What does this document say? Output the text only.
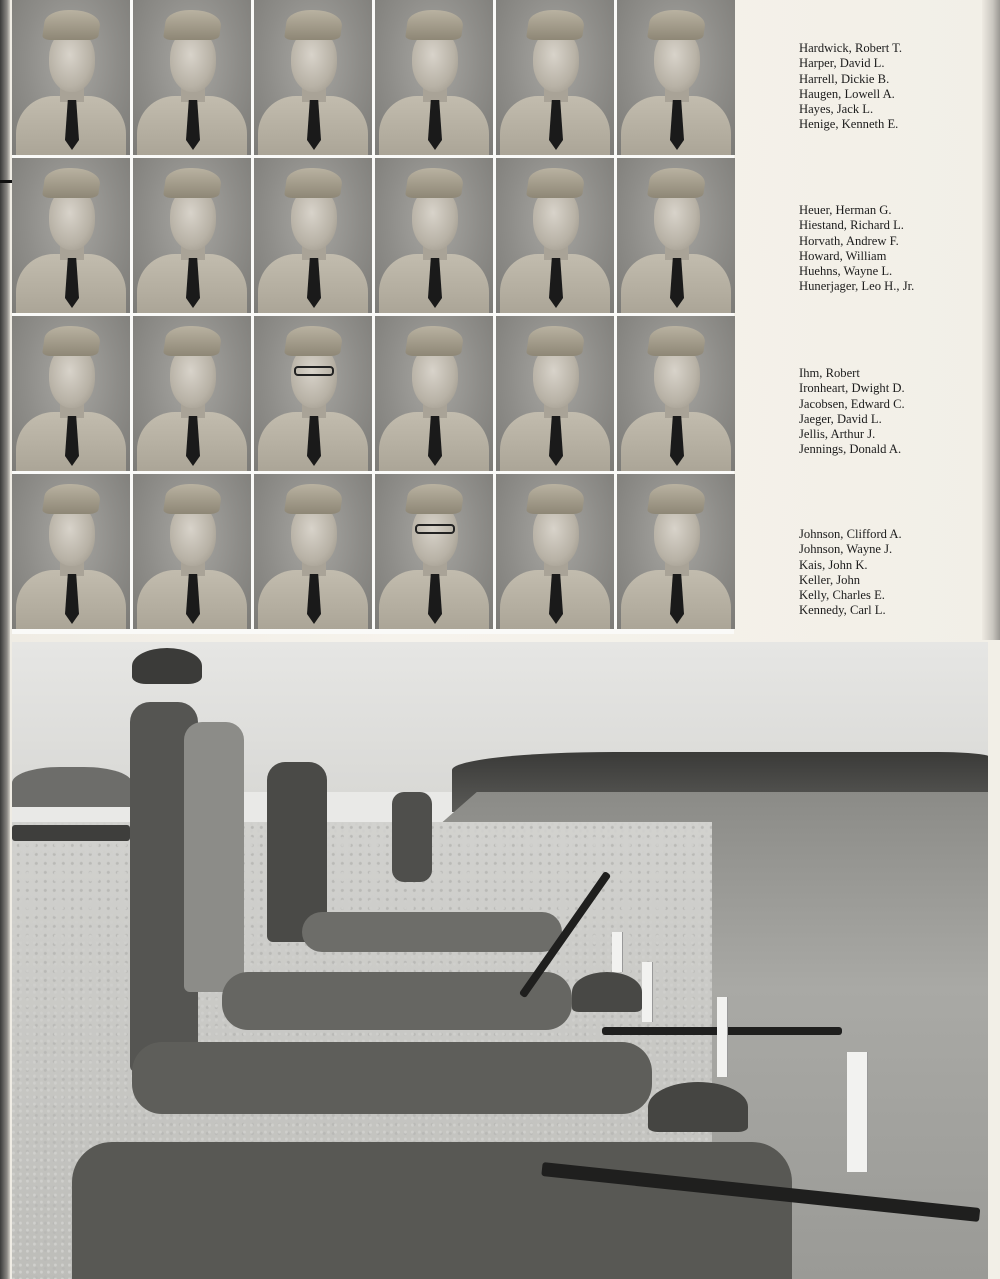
Hardwick, Robert T.
Harper, David L.
Harrell, Dickie B.
Haugen, Lowell A.
Hayes, Jack L.
Henige, Kenneth E.
Heuer, Herman G.
Hiestand, Richard L.
Horvath, Andrew F.
Howard, William
Huehns, Wayne L.
Hunerjager, Leo H., Jr.
Ihm, Robert
Ironheart, Dwight D.
Jacobsen, Edward C.
Jaeger, David L.
Jellis, Arthur J.
Jennings, Donald A.
Johnson, Clifford A.
Johnson, Wayne J.
Kais, John K.
Keller, John
Kelly, Charles E.
Kennedy, Carl L.
